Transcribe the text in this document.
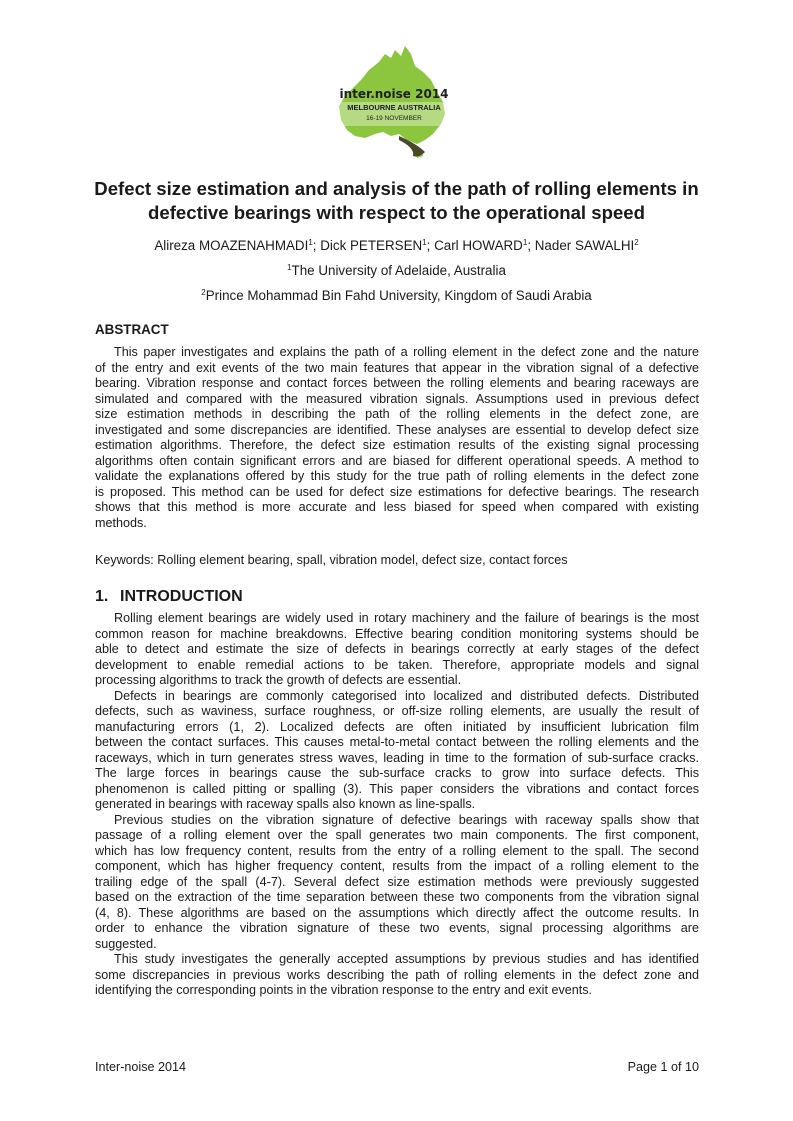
inter.noise 2014
MELBOURNE AUSTRALIA
16-19 NOVEMBER
Defect size estimation and analysis of the path of rolling elements in
defective bearings with respect to the operational speed
Alireza MOAZENAHMADI$^1$; Dick PETERSEN$^1$; Carl HOWARD$^1$; Nader SAWALHI$^2$
$^1$The University of Adelaide, Australia
$^2$Prince Mohammad Bin Fahd University, Kingdom of Saudi Arabia
ABSTRACT
This paper investigates and explains the path of a rolling element in the defect zone and the nature
of the entry and exit events of the two main features that appear in the vibration signal of a defective
bearing. Vibration response and contact forces between the rolling elements and bearing raceways are
simulated and compared with the measured vibration signals. Assumptions used in previous defect
size estimation methods in describing the path of the rolling elements in the defect zone, are
investigated and some discrepancies are identified. These analyses are essential to develop defect size
estimation algorithms. Therefore, the defect size estimation results of the existing signal processing
algorithms often contain significant errors and are biased for different operational speeds. A method to
validate the explanations offered by this study for the true path of rolling elements in the defect zone
is proposed. This method can be used for defect size estimations for defective bearings. The research
shows that this method is more accurate and less biased for speed when compared with existing
methods.

Keywords: Rolling element bearing, spall, vibration model, defect size, contact forces

1. INTRODUCTION
Rolling element bearings are widely used in rotary machinery and the failure of bearings is the most
common reason for machine breakdowns. Effective bearing condition monitoring systems should be
able to detect and estimate the size of defects in bearings correctly at early stages of the defect
development to enable remedial actions to be taken. Therefore, appropriate models and signal
processing algorithms to track the growth of defects are essential.
Defects in bearings are commonly categorised into localized and distributed defects. Distributed
defects, such as waviness, surface roughness, or off-size rolling elements, are usually the result of
manufacturing errors (1, 2). Localized defects are often initiated by insufficient lubrication film
between the contact surfaces. This causes metal-to-metal contact between the rolling elements and the
raceways, which in turn generates stress waves, leading in time to the formation of sub-surface cracks.
The large forces in bearings cause the sub-surface cracks to grow into surface defects. This
phenomenon is called pitting or spalling (3). This paper considers the vibrations and contact forces
generated in bearings with raceway spalls also known as line-spalls.
Previous studies on the vibration signature of defective bearings with raceway spalls show that
passage of a rolling element over the spall generates two main components. The first component,
which has low frequency content, results from the entry of a rolling element to the spall. The second
component, which has higher frequency content, results from the impact of a rolling element to the
trailing edge of the spall (4-7). Several defect size estimation methods were previously suggested
based on the extraction of the time separation between these two components from the vibration signal
(4, 8). These algorithms are based on the assumptions which directly affect the outcome results. In
order to enhance the vibration signature of these two events, signal processing algorithms are
suggested.
This study investigates the generally accepted assumptions by previous studies and has identified
some discrepancies in previous works describing the path of rolling elements in the defect zone and
identifying the corresponding points in the vibration response to the entry and exit events.
Inter-noise 2014	Page 1 of 10
